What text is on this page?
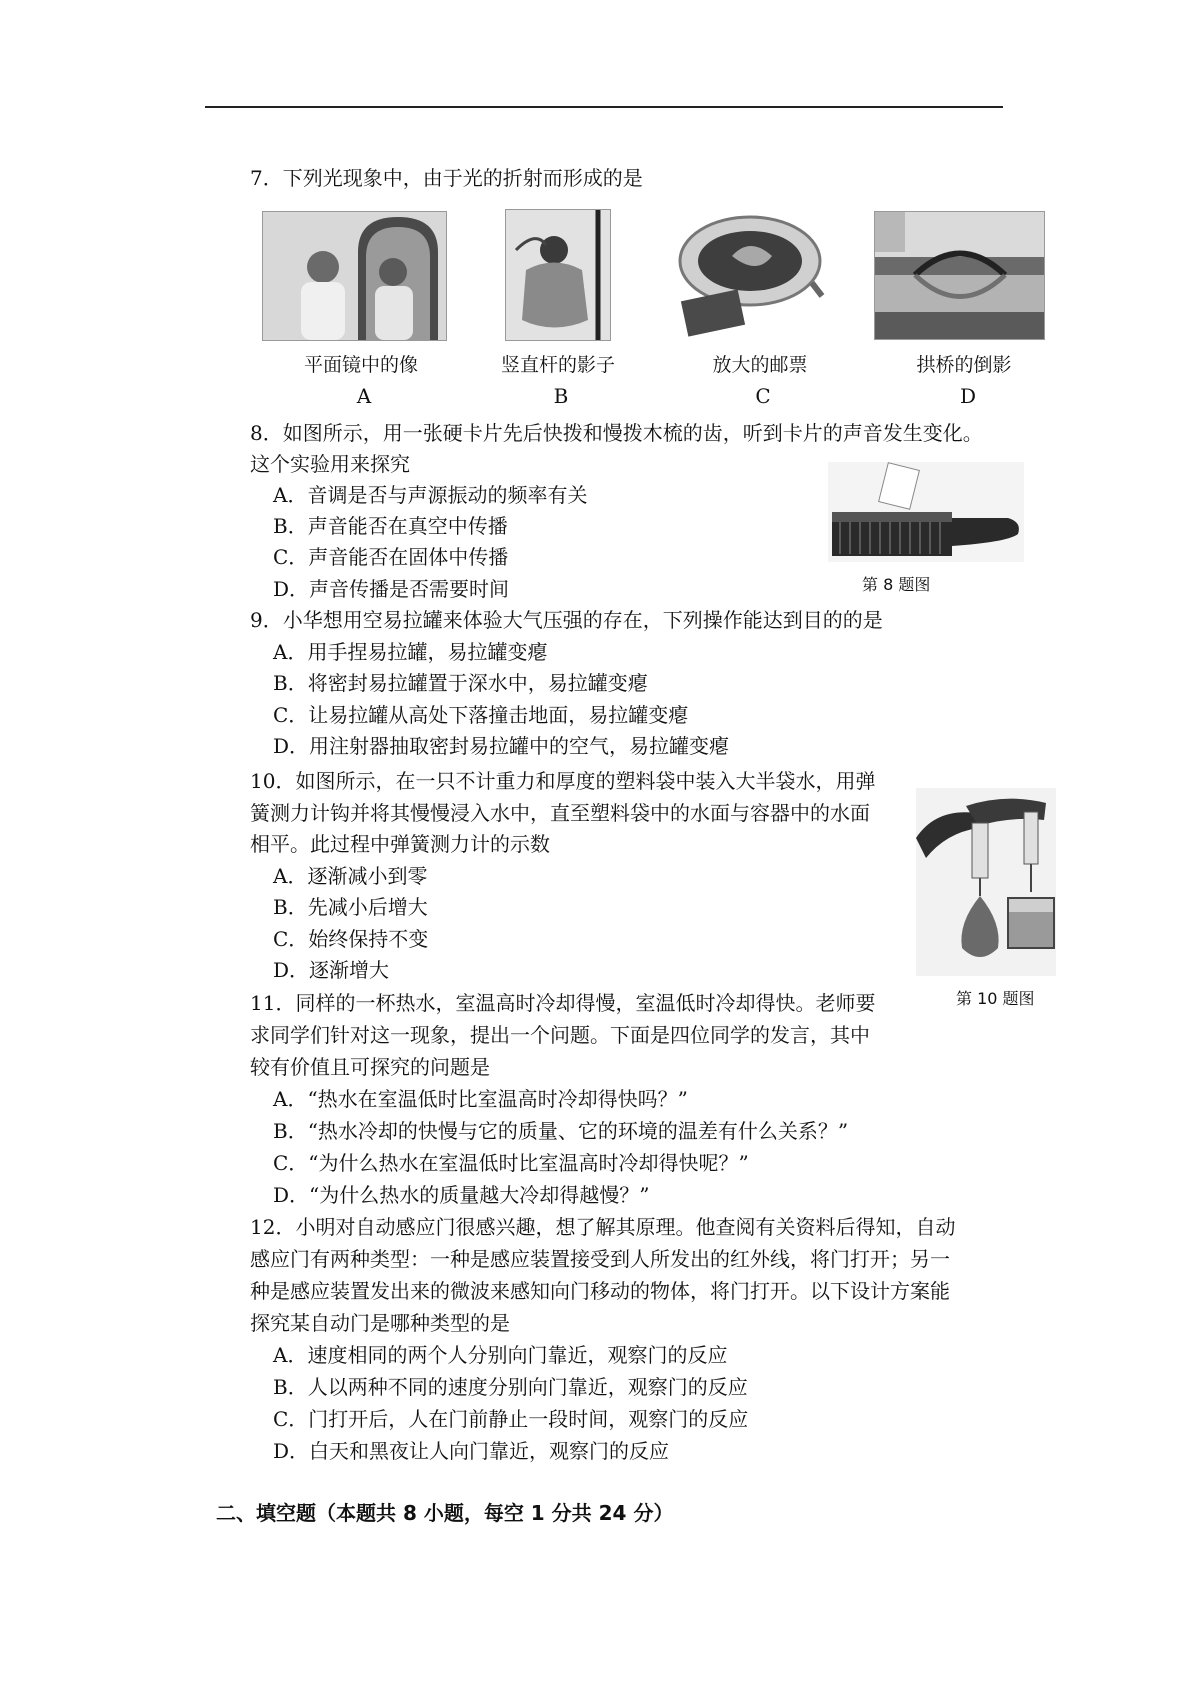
7．下列光现象中，由于光的折射而形成的是
平面镜中的像	竖直杆的影子	放大的邮票	拱桥的倒影
A	B	C	D
8．如图所示，用一张硬卡片先后快拨和慢拨木梳的齿，听到卡片的声音发生变化。
这个实验用来探究
A．音调是否与声源振动的频率有关
B．声音能否在真空中传播
C．声音能否在固体中传播
D．声音传播是否需要时间	第 8 题图
9．小华想用空易拉罐来体验大气压强的存在，下列操作能达到目的的是
A．用手捏易拉罐，易拉罐变瘪
B．将密封易拉罐置于深水中，易拉罐变瘪
C．让易拉罐从高处下落撞击地面，易拉罐变瘪
D．用注射器抽取密封易拉罐中的空气，易拉罐变瘪
10．如图所示，在一只不计重力和厚度的塑料袋中装入大半袋水，用弹
簧测力计钩并将其慢慢浸入水中，直至塑料袋中的水面与容器中的水面
相平。此过程中弹簧测力计的示数
A．逐渐减小到零
B．先减小后增大
C．始终保持不变
D．逐渐增大
第 10 题图
11．同样的一杯热水，室温高时冷却得慢，室温低时冷却得快。老师要
求同学们针对这一现象，提出一个问题。下面是四位同学的发言，其中
较有价值且可探究的问题是
A．“热水在室温低时比室温高时冷却得快吗？”
B．“热水冷却的快慢与它的质量、它的环境的温差有什么关系？”
C．“为什么热水在室温低时比室温高时冷却得快呢？”
D．“为什么热水的质量越大冷却得越慢？”
12．小明对自动感应门很感兴趣，想了解其原理。他查阅有关资料后得知，自动
感应门有两种类型：一种是感应装置接受到人所发出的红外线，将门打开；另一
种是感应装置发出来的微波来感知向门移动的物体，将门打开。以下设计方案能
探究某自动门是哪种类型的是
A．速度相同的两个人分别向门靠近，观察门的反应
B．人以两种不同的速度分别向门靠近，观察门的反应
C．门打开后，人在门前静止一段时间，观察门的反应
D．白天和黑夜让人向门靠近，观察门的反应
二、填空题（本题共 8 小题，每空 1 分共 24 分）
